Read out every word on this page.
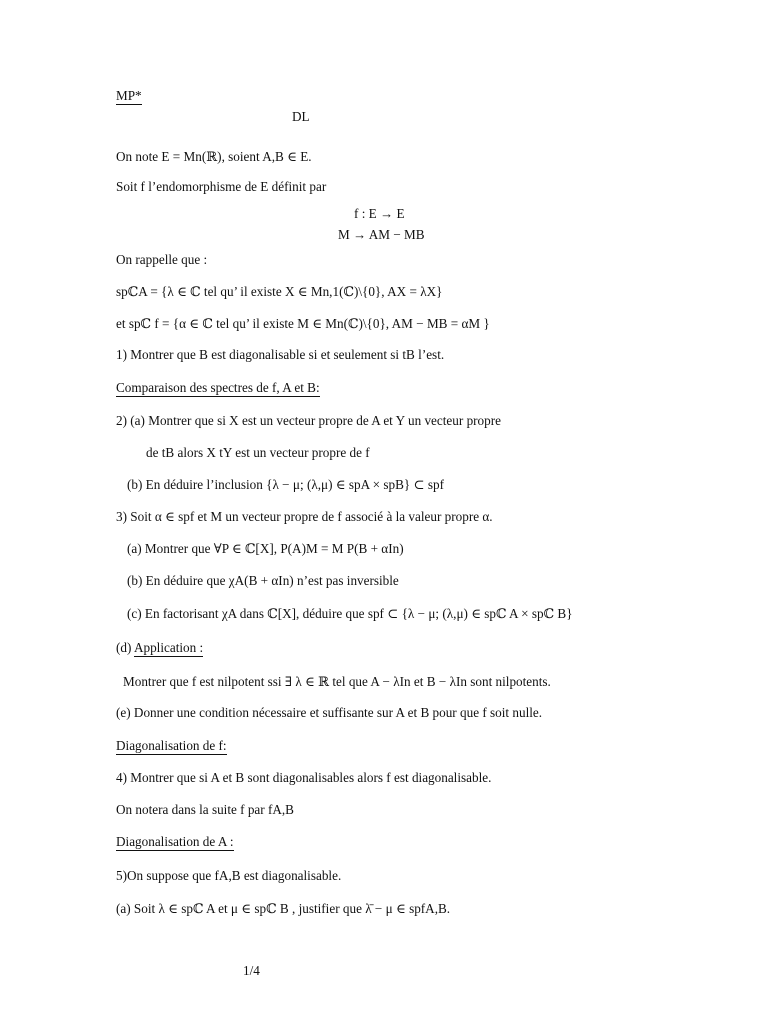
MP*
DL
On note E = Mn(ℝ), soient A,B ∈ E.
Soit f l’endomorphisme de E définit par
f : E → E
M → AM − MB
On rappelle que :
spℂA = {λ ∈ ℂ tel qu’ il existe X ∈ Mn,1(ℂ)\{0}, AX = λX}
et spℂ f = {α ∈ ℂ tel qu’ il existe M ∈ Mn(ℂ)\{0}, AM − MB = αM }
1) Montrer que B est diagonalisable si et seulement si tB l’est.
Comparaison des spectres de f, A et B:
2) (a) Montrer que si X est un vecteur propre de A et Y un vecteur propre
de tB alors X tY est un vecteur propre de f
(b) En déduire l’inclusion {λ − μ; (λ,μ) ∈ spA × spB} ⊂ spf
3) Soit α ∈ spf et M un vecteur propre de f associé à la valeur propre α.
(a) Montrer que ∀P ∈ ℂ[X], P(A)M = M P(B + αIn)
(b) En déduire que χA(B + αIn) n’est pas inversible
(c) En factorisant χA dans ℂ[X], déduire que spf ⊂ {λ − μ; (λ,μ) ∈ spℂ A × spℂ B}
(d) Application :
Montrer que f est nilpotent ssi ∃ λ ∈ ℝ tel que A − λIn et B − λIn sont nilpotents.
(e) Donner une condition nécessaire et suffisante sur A et B pour que f soit nulle.
Diagonalisation de f:
4) Montrer que si A et B sont diagonalisables alors f est diagonalisable.
On notera dans la suite f par fA,B
Diagonalisation de A :
5)On suppose que fA,B est diagonalisable.
(a) Soit λ ∈ spℂ A et μ ∈ spℂ B , justifier que λ̄ − μ ∈ spfA,B.
1/4
